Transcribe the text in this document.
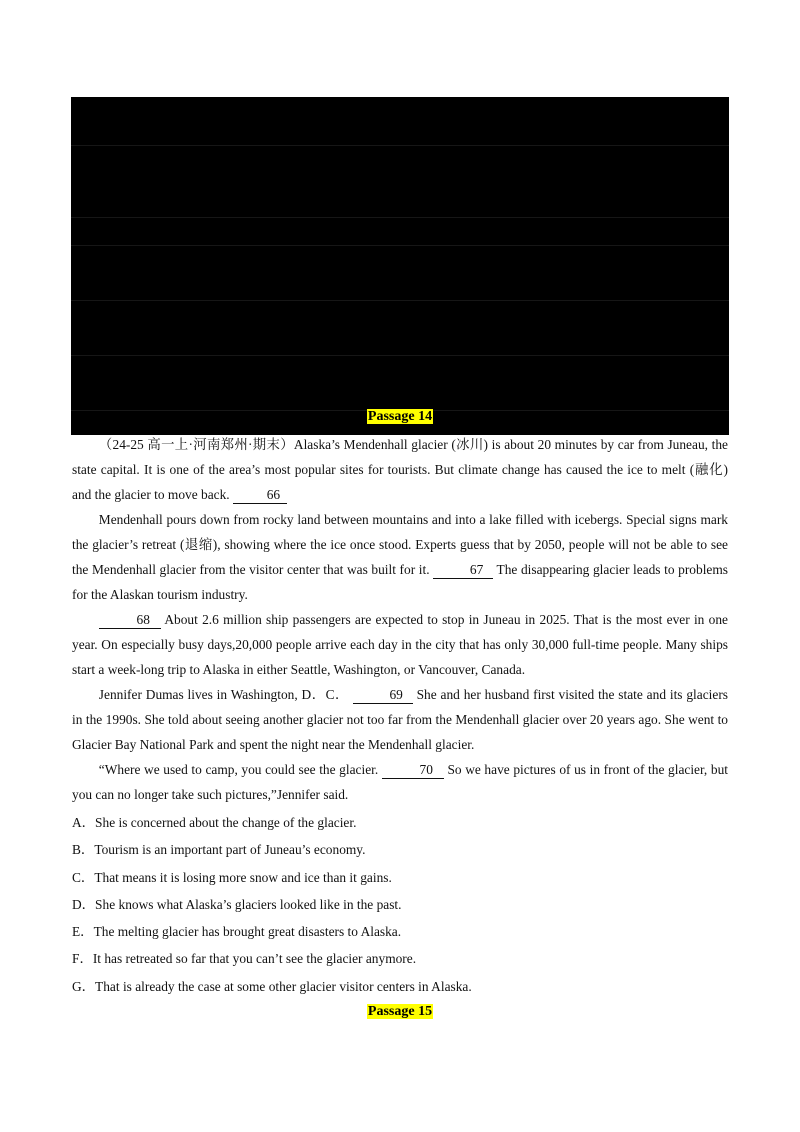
Passage 14
（24-25 高一上·河南郑州·期末）Alaska’s Mendenhall glacier (冰川) is about 20 minutes by car from Juneau, the state capital. It is one of the area’s most popular sites for tourists. But climate change has caused the ice to melt (融化) and the glacier to move back.	66
Mendenhall pours down from rocky land between mountains and into a lake filled with icebergs. Special signs mark the glacier’s retreat (退缩), showing where the ice once stood. Experts guess that by 2050, people will not be able to see the Mendenhall glacier from the visitor center that was built for it.	67 The disappearing glacier leads to problems for the Alaskan tourism industry.
68 About 2.6 million ship passengers are expected to stop in Juneau in 2025. That is the most ever in one year. On especially busy days,20,000 people arrive each day in the city that has only 30,000 full-time people. Many ships start a week-long trip to Alaska in either Seattle, Washington, or Vancouver, Canada.
Jennifer Dumas lives in Washington, D．C．	69 She and her husband first visited the state and its glaciers in the 1990s. She told about seeing another glacier not too far from the Mendenhall glacier over 20 years ago. She went to Glacier Bay National Park and spent the night near the Mendenhall glacier.
“Where we used to camp, you could see the glacier.	70 So we have pictures of us in front of the glacier, but you can no longer take such pictures,”Jennifer said.
A．She is concerned about the change of the glacier.
B．Tourism is an important part of Juneau’s economy.
C．That means it is losing more snow and ice than it gains.
D．She knows what Alaska’s glaciers looked like in the past.
E．The melting glacier has brought great disasters to Alaska.
F．It has retreated so far that you can’t see the glacier anymore.
G．That is already the case at some other glacier visitor centers in Alaska.
Passage 15
